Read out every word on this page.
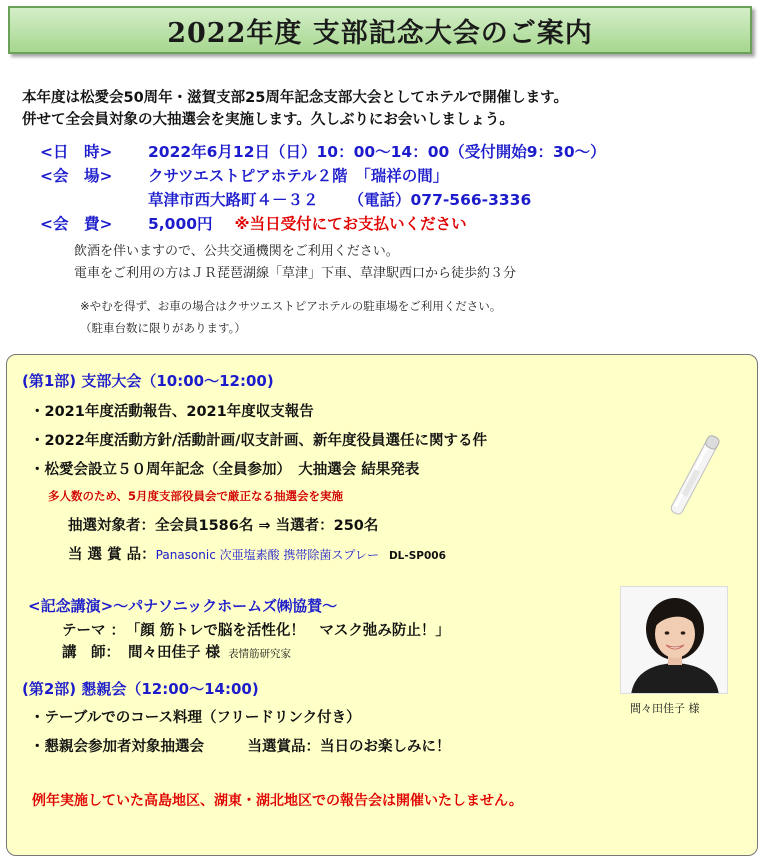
2022年度 支部記念大会のご案内
本年度は松愛会50周年・滋賀支部25周年記念支部大会としてホテルで開催します。
併せて全会員対象の大抽選会を実施します。久しぶりにお会いしましょう。
<日　時>	2022年6月12日（日）10：00～14：00（受付開始9：30～）
<会　場>	クサツエストピアホテル２階　「瑞祥の間」
草津市西大路町４－３２ （電話）077-566-3336
<会　費>	5,000円 ※当日受付にてお支払いください
飲酒を伴いますので、公共交通機関をご利用ください。
電車をご利用の方はＪＲ琵琶湖線「草津」下車、草津駅西口から徒歩約３分
※やむを得ず、お車の場合はクサツエストピアホテルの駐車場をご利用ください。
（駐車台数に限りがあります。）
(第1部) 支部大会（10:00～12:00)
・2021年度活動報告、2021年度収支報告
・2022年度活動方針/活動計画/収支計画、新年度役員選任に関する件
・松愛会設立５０周年記念（全員参加）　大抽選会 結果発表
多人数のため、5月度支部役員会で厳正なる抽選会を実施
抽選対象者：全会員1586名 ⇒ 当選者：250名
当 選 賞 品：Panasonic 次亜塩素酸 携帯除菌スプレー DL-SP006
<記念講演>～パナソニックホームズ㈱協賛～
テーマ ： 「顔 筋トレで脳を活性化！　マスク弛み防止！」
講　師： 間々田佳子 様 表情筋研究家
間々田佳子 様
(第2部) 懇親会（12:00～14:00)
・テーブルでのコース料理（フリードリンク付き）
・懇親会参加者対象抽選会　　　当選賞品：当日のお楽しみに！
例年実施していた高島地区、湖東・湖北地区での報告会は開催いたしません。
